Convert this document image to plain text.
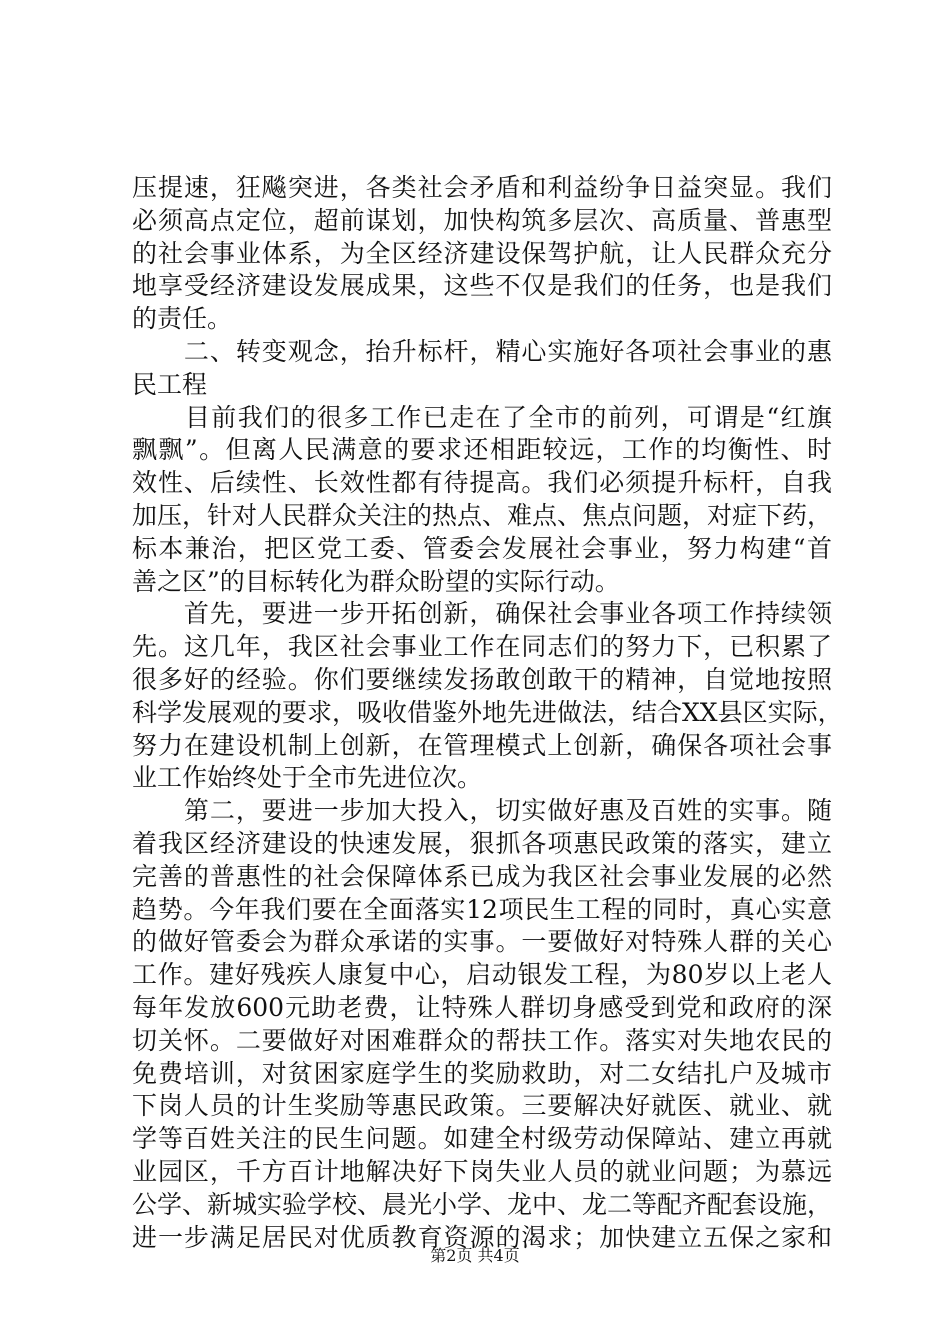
压提速，狂飚突进，各类社会矛盾和利益纷争日益突显。我们
必须高点定位，超前谋划，加快构筑多层次、高质量、普惠型
的社会事业体系，为全区经济建设保驾护航，让人民群众充分
地享受经济建设发展成果，这些不仅是我们的任务，也是我们
的责任。
　　二、转变观念，抬升标杆，精心实施好各项社会事业的惠
民工程
　　目前我们的很多工作已走在了全市的前列，可谓是“红旗
飘飘”。但离人民满意的要求还相距较远，工作的均衡性、时
效性、后续性、长效性都有待提高。我们必须提升标杆，自我
加压，针对人民群众关注的热点、难点、焦点问题，对症下药，
标本兼治，把区党工委、管委会发展社会事业，努力构建“首
善之区”的目标转化为群众盼望的实际行动。
　　首先，要进一步开拓创新，确保社会事业各项工作持续领
先。这几年，我区社会事业工作在同志们的努力下，已积累了
很多好的经验。你们要继续发扬敢创敢干的精神，自觉地按照
科学发展观的要求，吸收借鉴外地先进做法，结合XX县区实际，
努力在建设机制上创新，在管理模式上创新，确保各项社会事
业工作始终处于全市先进位次。
　　第二，要进一步加大投入，切实做好惠及百姓的实事。随
着我区经济建设的快速发展，狠抓各项惠民政策的落实，建立
完善的普惠性的社会保障体系已成为我区社会事业发展的必然
趋势。今年我们要在全面落实12项民生工程的同时，真心实意
的做好管委会为群众承诺的实事。一要做好对特殊人群的关心
工作。建好残疾人康复中心，启动银发工程，为80岁以上老人
每年发放600元助老费，让特殊人群切身感受到党和政府的深
切关怀。二要做好对困难群众的帮扶工作。落实对失地农民的
免费培训，对贫困家庭学生的奖励救助，对二女结扎户及城市
下岗人员的计生奖励等惠民政策。三要解决好就医、就业、就
学等百姓关注的民生问题。如建全村级劳动保障站、建立再就
业园区，千方百计地解决好下岗失业人员的就业问题；为慕远
公学、新城实验学校、晨光小学、龙中、龙二等配齐配套设施，
进一步满足居民对优质教育资源的渴求；加快建立五保之家和
第2页 共4页
